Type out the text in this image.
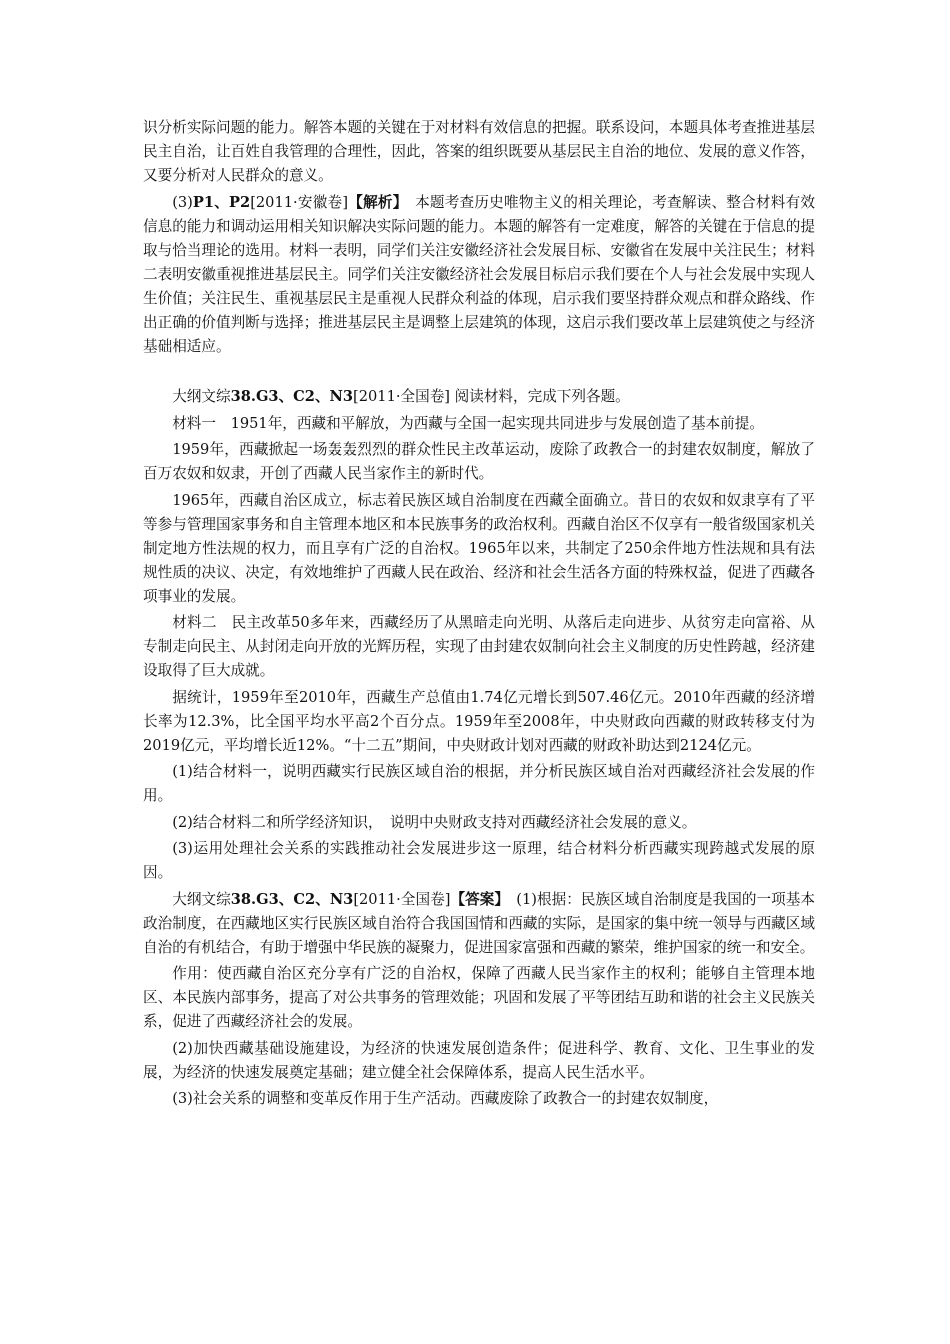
识分析实际问题的能力。解答本题的关键在于对材料有效信息的把握。联系设问，本题具体考查推进基层民主自治，让百姓自我管理的合理性，因此，答案的组织既要从基层民主自治的地位、发展的意义作答，又要分析对人民群众的意义。

(3)P1、P2[2011·安徽卷]【解析】  本题考查历史唯物主义的相关理论，考查解读、整合材料有效信息的能力和调动运用相关知识解决实际问题的能力。本题的解答有一定难度，解答的关键在于信息的提取与恰当理论的选用。材料一表明，同学们关注安徽经济社会发展目标、安徽省在发展中关注民生；材料二表明安徽重视推进基层民主。同学们关注安徽经济社会发展目标启示我们要在个人与社会发展中实现人生价值；关注民生、重视基层民主是重视人民群众利益的体现，启示我们要坚持群众观点和群众路线、作出正确的价值判断与选择；推进基层民主是调整上层建筑的体现，这启示我们要改革上层建筑使之与经济基础相适应。

大纲文综38.G3、C2、N3[2011·全国卷] 阅读材料，完成下列各题。

材料一  1951年，西藏和平解放，为西藏与全国一起实现共同进步与发展创造了基本前提。

1959年，西藏掀起一场轰轰烈烈的群众性民主改革运动，废除了政教合一的封建农奴制度，解放了百万农奴和奴隶，开创了西藏人民当家作主的新时代。

1965年，西藏自治区成立，标志着民族区域自治制度在西藏全面确立。昔日的农奴和奴隶享有了平等参与管理国家事务和自主管理本地区和本民族事务的政治权利。西藏自治区不仅享有一般省级国家机关制定地方性法规的权力，而且享有广泛的自治权。1965年以来，共制定了250余件地方性法规和具有法规性质的决议、决定，有效地维护了西藏人民在政治、经济和社会生活各方面的特殊权益，促进了西藏各项事业的发展。

材料二  民主改革50多年来，西藏经历了从黑暗走向光明、从落后走向进步、从贫穷走向富裕、从专制走向民主、从封闭走向开放的光辉历程，实现了由封建农奴制向社会主义制度的历史性跨越，经济建设取得了巨大成就。

据统计，1959年至2010年，西藏生产总值由1.74亿元增长到507.46亿元。2010年西藏的经济增长率为12.3%，比全国平均水平高2个百分点。1959年至2008年，中央财政向西藏的财政转移支付为2019亿元，平均增长近12%。“十二五”期间，中央财政计划对西藏的财政补助达到2124亿元。

(1)结合材料一，说明西藏实行民族区域自治的根据，并分析民族区域自治对西藏经济社会发展的作用。

(2)结合材料二和所学经济知识，　说明中央财政支持对西藏经济社会发展的意义。

(3)运用处理社会关系的实践推动社会发展进步这一原理，结合材料分析西藏实现跨越式发展的原因。

大纲文综38.G3、C2、N3[2011·全国卷]【答案】  (1)根据：民族区域自治制度是我国的一项基本政治制度，在西藏地区实行民族区域自治符合我国国情和西藏的实际，是国家的集中统一领导与西藏区域自治的有机结合，有助于增强中华民族的凝聚力，促进国家富强和西藏的繁荣，维护国家的统一和安全。

作用：使西藏自治区充分享有广泛的自治权，保障了西藏人民当家作主的权利；能够自主管理本地区、本民族内部事务，提高了对公共事务的管理效能；巩固和发展了平等团结互助和谐的社会主义民族关系，促进了西藏经济社会的发展。

(2)加快西藏基础设施建设，为经济的快速发展创造条件；促进科学、教育、文化、卫生事业的发展，为经济的快速发展奠定基础；建立健全社会保障体系，提高人民生活水平。

(3)社会关系的调整和变革反作用于生产活动。西藏废除了政教合一的封建农奴制度，
